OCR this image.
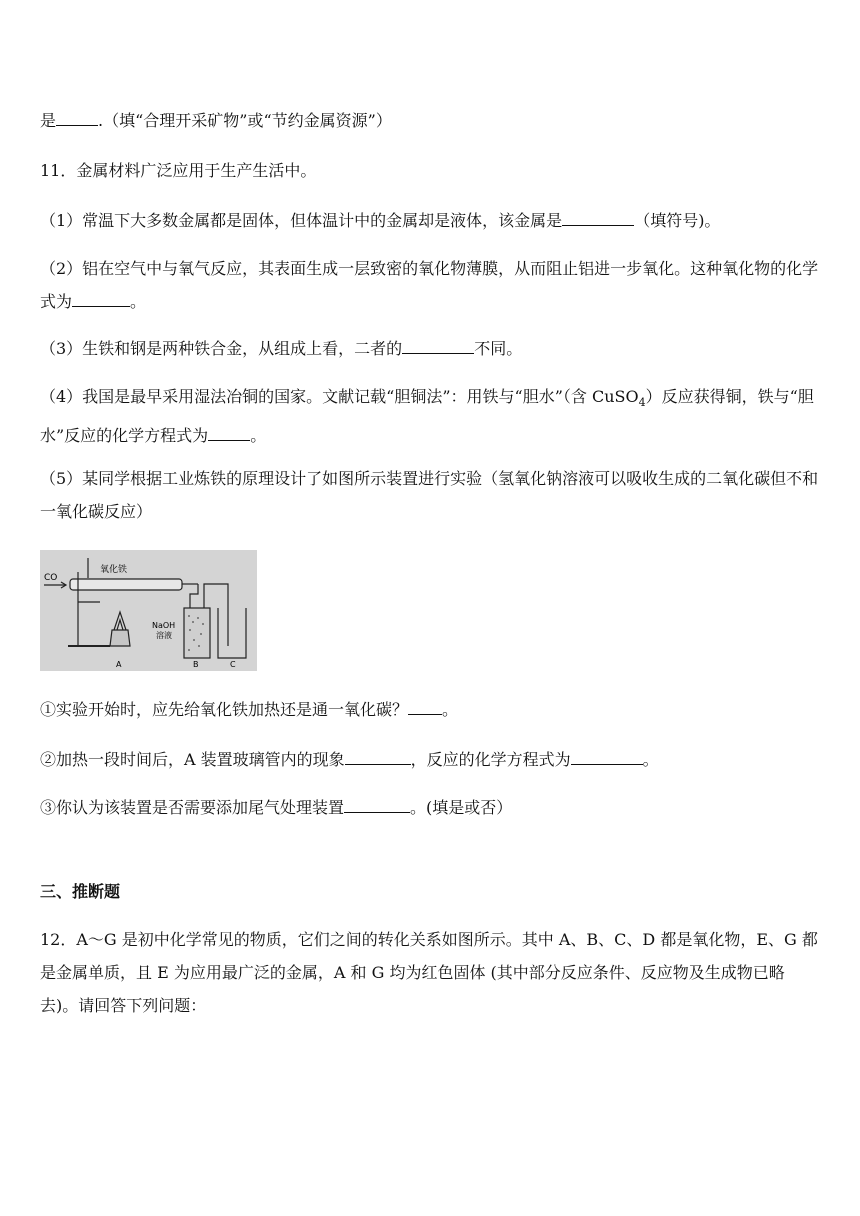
是	.（填“合理开采矿物”或“节约金属资源”）
11．金属材料广泛应用于生产生活中。
（1）常温下大多数金属都是固体，但体温计中的金属却是液体，该金属是	（填符号)。
（2）铝在空气中与氧气反应，其表面生成一层致密的氧化物薄膜，从而阻止铝进一步氧化。这种氧化物的化学式为	。
（3）生铁和钢是两种铁合金，从组成上看，二者的	不同。
（4）我国是最早采用湿法冶铜的国家。文献记载“胆铜法”：用铁与“胆水”（含 CuSO$_4$）反应获得铜，铁与“胆水”反应的化学方程式为	。
（5）某同学根据工业炼铁的原理设计了如图所示装置进行实验（氢氧化钠溶液可以吸收生成的二氧化碳但不和一氧化碳反应）
CO
氧化铁
NaOH
溶液
A	B	C
①实验开始时，应先给氧化铁加热还是通一氧化碳？ 。
②加热一段时间后，A 装置玻璃管内的现象	，反应的化学方程式为	。
③你认为该装置是否需要添加尾气处理装置	。(填是或否）
三、推断题
12．A～G 是初中化学常见的物质，它们之间的转化关系如图所示。其中 A、B、C、D 都是氧化物，E、G 都是金属单质，且 E 为应用最广泛的金属，A 和 G 均为红色固体 (其中部分反应条件、反应物及生成物已略去)。请回答下列问题：
